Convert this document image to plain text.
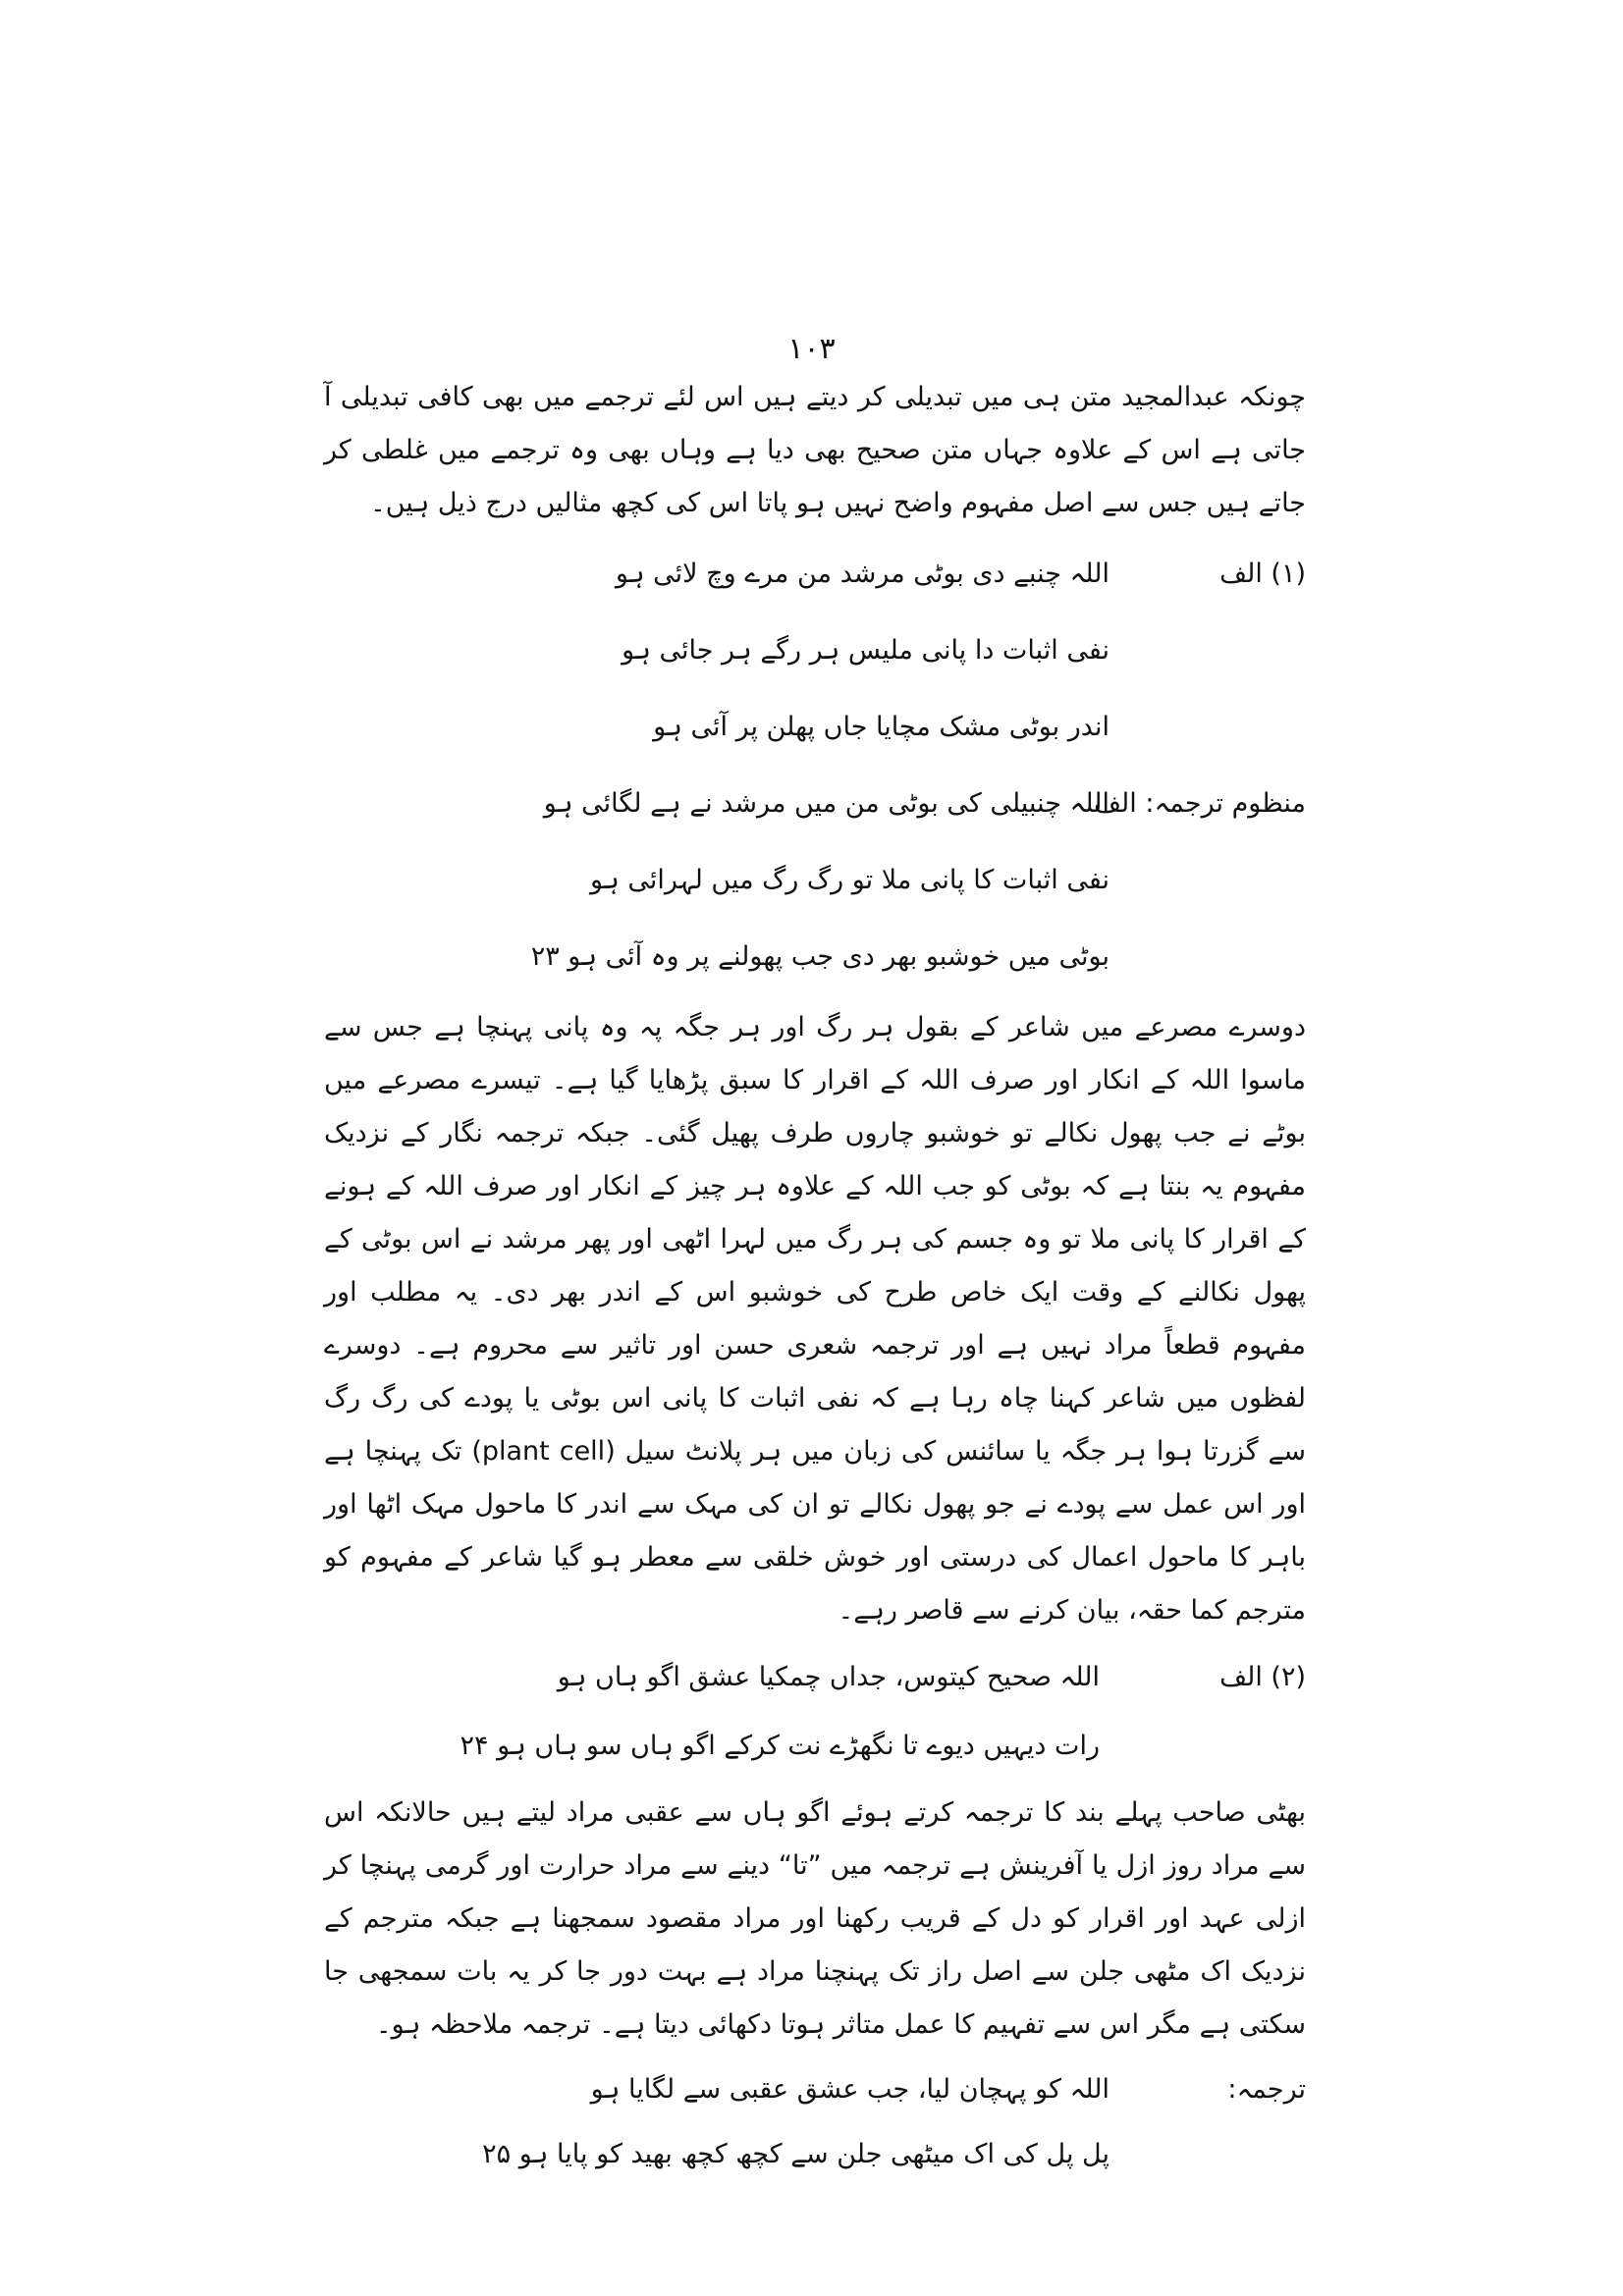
۱۰۳

چونکہ عبدالمجید متن ہی میں تبدیلی کر دیتے ہیں اس لئے ترجمے میں بھی کافی تبدیلی آ جاتی ہے اس کے علاوہ جہاں متن صحیح بھی دیا ہے وہاں بھی وہ ترجمے میں غلطی کر جاتے ہیں جس سے اصل مفہوم واضح نہیں ہو پاتا اس کی کچھ مثالیں درج ذیل ہیں۔

(۱) الف
اللہ چنبے دی بوٹی مرشد من مرے وچ لائی ہو
نفی اثبات دا پانی ملیس ہر رگے ہر جائی ہو
اندر بوٹی مشک مچایا جاں پھلن پر آئی ہو
منظوم ترجمہ: الف
اللہ چنبیلی کی بوٹی من میں مرشد نے ہے لگائی ہو
نفی اثبات کا پانی ملا تو رگ رگ میں لہرائی ہو
بوٹی میں خوشبو بھر دی جب پھولنے پر وہ آئی ہو ۲۳

دوسرے مصرعے میں شاعر کے بقول ہر رگ اور ہر جگہ پہ وہ پانی پہنچا ہے جس سے ماسوا اللہ کے انکار اور صرف اللہ کے اقرار کا سبق پڑھایا گیا ہے۔ تیسرے مصرعے میں بوٹے نے جب پھول نکالے تو خوشبو چاروں طرف پھیل گئی۔ جبکہ ترجمہ نگار کے نزدیک مفہوم یہ بنتا ہے کہ بوٹی کو جب اللہ کے علاوہ ہر چیز کے انکار اور صرف اللہ کے ہونے کے اقرار کا پانی ملا تو وہ جسم کی ہر رگ میں لہرا اٹھی اور پھر مرشد نے اس بوٹی کے پھول نکالنے کے وقت ایک خاص طرح کی خوشبو اس کے اندر بھر دی۔ یہ مطلب اور مفہوم قطعاً مراد نہیں ہے اور ترجمہ شعری حسن اور تاثیر سے محروم ہے۔ دوسرے لفظوں میں شاعر کہنا چاہ رہا ہے کہ نفی اثبات کا پانی اس بوٹی یا پودے کی رگ رگ سے گزرتا ہوا ہر جگہ یا سائنس کی زبان میں ہر پلانٹ سیل (plant cell) تک پہنچا ہے اور اس عمل سے پودے نے جو پھول نکالے تو ان کی مہک سے اندر کا ماحول مہک اٹھا اور باہر کا ماحول اعمال کی درستی اور خوش خلقی سے معطر ہو گیا شاعر کے مفہوم کو مترجم کما حقہ، بیان کرنے سے قاصر رہے۔

(۲) الف
اللہ صحیح کیتوس، جداں چمکیا عشق اگو ہاں ہو
رات دیہیں دیوے تا نگھڑے نت کرکے اگو ہاں سو ہاں ہو ۲۴

بھٹی صاحب پہلے بند کا ترجمہ کرتے ہوئے اگو ہاں سے عقبی مراد لیتے ہیں حالانکہ اس سے مراد روز ازل یا آفرینش ہے ترجمہ میں ”تا“ دینے سے مراد حرارت اور گرمی پہنچا کر ازلی عہد اور اقرار کو دل کے قریب رکھنا اور مراد مقصود سمجھنا ہے جبکہ مترجم کے نزدیک اک مٹھی جلن سے اصل راز تک پہنچنا مراد ہے بہت دور جا کر یہ بات سمجھی جا سکتی ہے مگر اس سے تفہیم کا عمل متاثر ہوتا دکھائی دیتا ہے۔ ترجمہ ملاحظہ ہو۔

ترجمہ:
اللہ کو پہچان لیا، جب عشق عقبی سے لگایا ہو
پل پل کی اک میٹھی جلن سے کچھ کچھ بھید کو پایا ہو ۲۵
